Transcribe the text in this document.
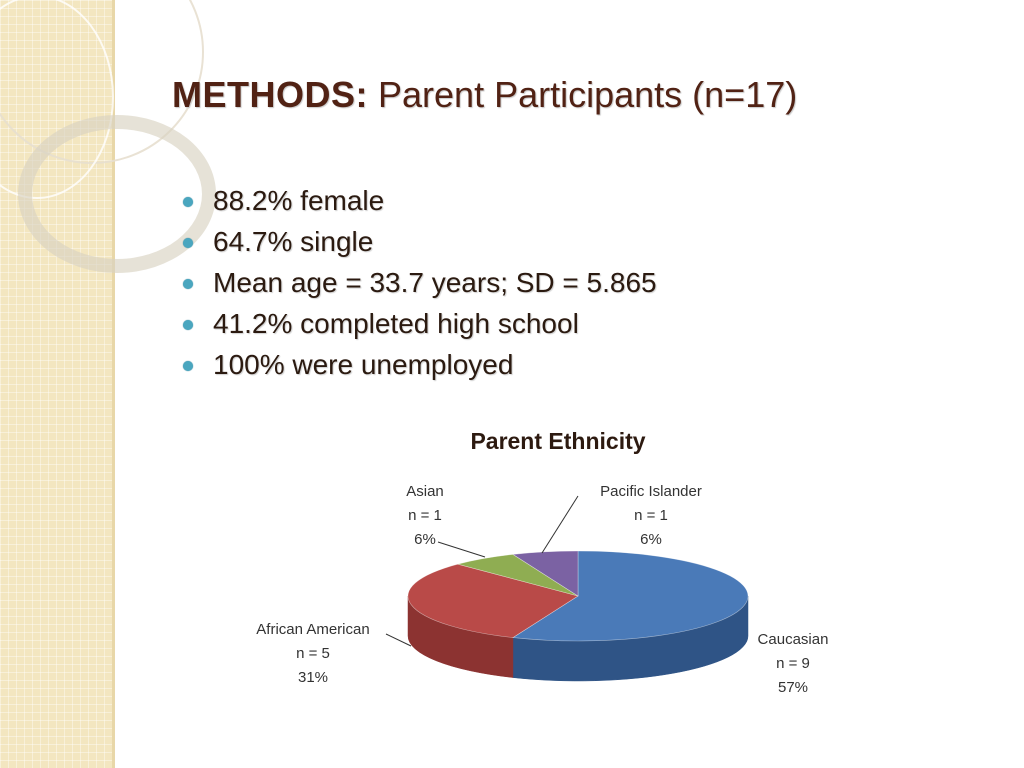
METHODS: Parent Participants (n=17)
88.2% female
64.7% single
Mean age = 33.7 years; SD = 5.865
41.2% completed high school
100% were unemployed
Parent Ethnicity
Caucasian
n = 9
57%
African American
n = 5
31%
Asian
n = 1
6%
Pacific Islander
n = 1
6%
